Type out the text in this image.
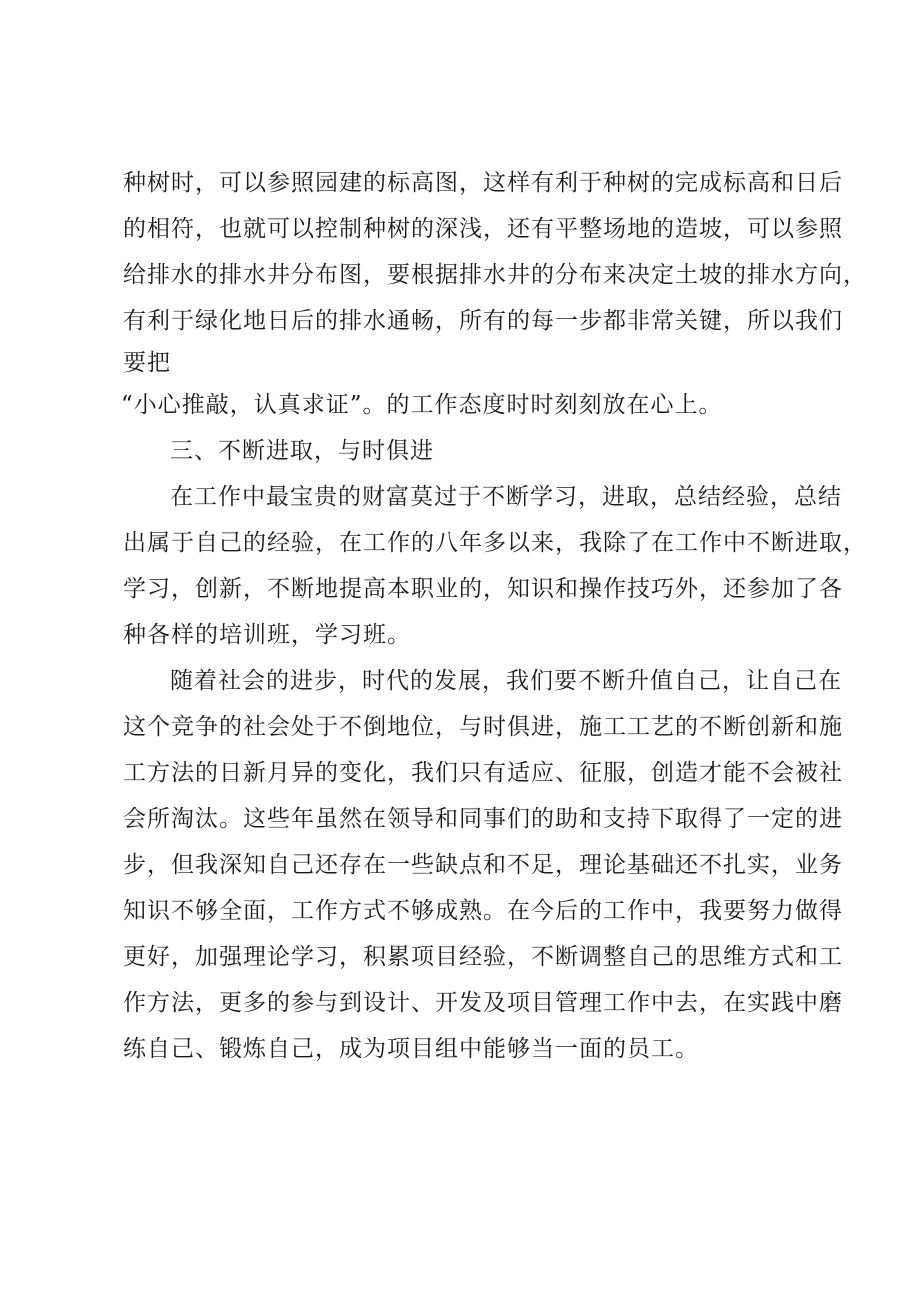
种树时，可以参照园建的标高图，这样有利于种树的完成标高和日后
的相符，也就可以控制种树的深浅，还有平整场地的造坡，可以参照
给排水的排水井分布图，要根据排水井的分布来决定土坡的排水方向，
有利于绿化地日后的排水通畅，所有的每一步都非常关键，所以我们
要把
“小心推敲，认真求证”。的工作态度时时刻刻放在心上。
三、不断进取，与时俱进
在工作中最宝贵的财富莫过于不断学习，进取，总结经验，总结
出属于自己的经验，在工作的八年多以来，我除了在工作中不断进取，
学习，创新，不断地提高本职业的，知识和操作技巧外，还参加了各
种各样的培训班，学习班。
随着社会的进步，时代的发展，我们要不断升值自己，让自己在
这个竞争的社会处于不倒地位，与时俱进，施工工艺的不断创新和施
工方法的日新月异的变化，我们只有适应、征服，创造才能不会被社
会所淘汰。这些年虽然在领导和同事们的助和支持下取得了一定的进
步，但我深知自己还存在一些缺点和不足，理论基础还不扎实，业务
知识不够全面，工作方式不够成熟。在今后的工作中，我要努力做得
更好，加强理论学习，积累项目经验，不断调整自己的思维方式和工
作方法，更多的参与到设计、开发及项目管理工作中去，在实践中磨
练自己、锻炼自己，成为项目组中能够当一面的员工。
